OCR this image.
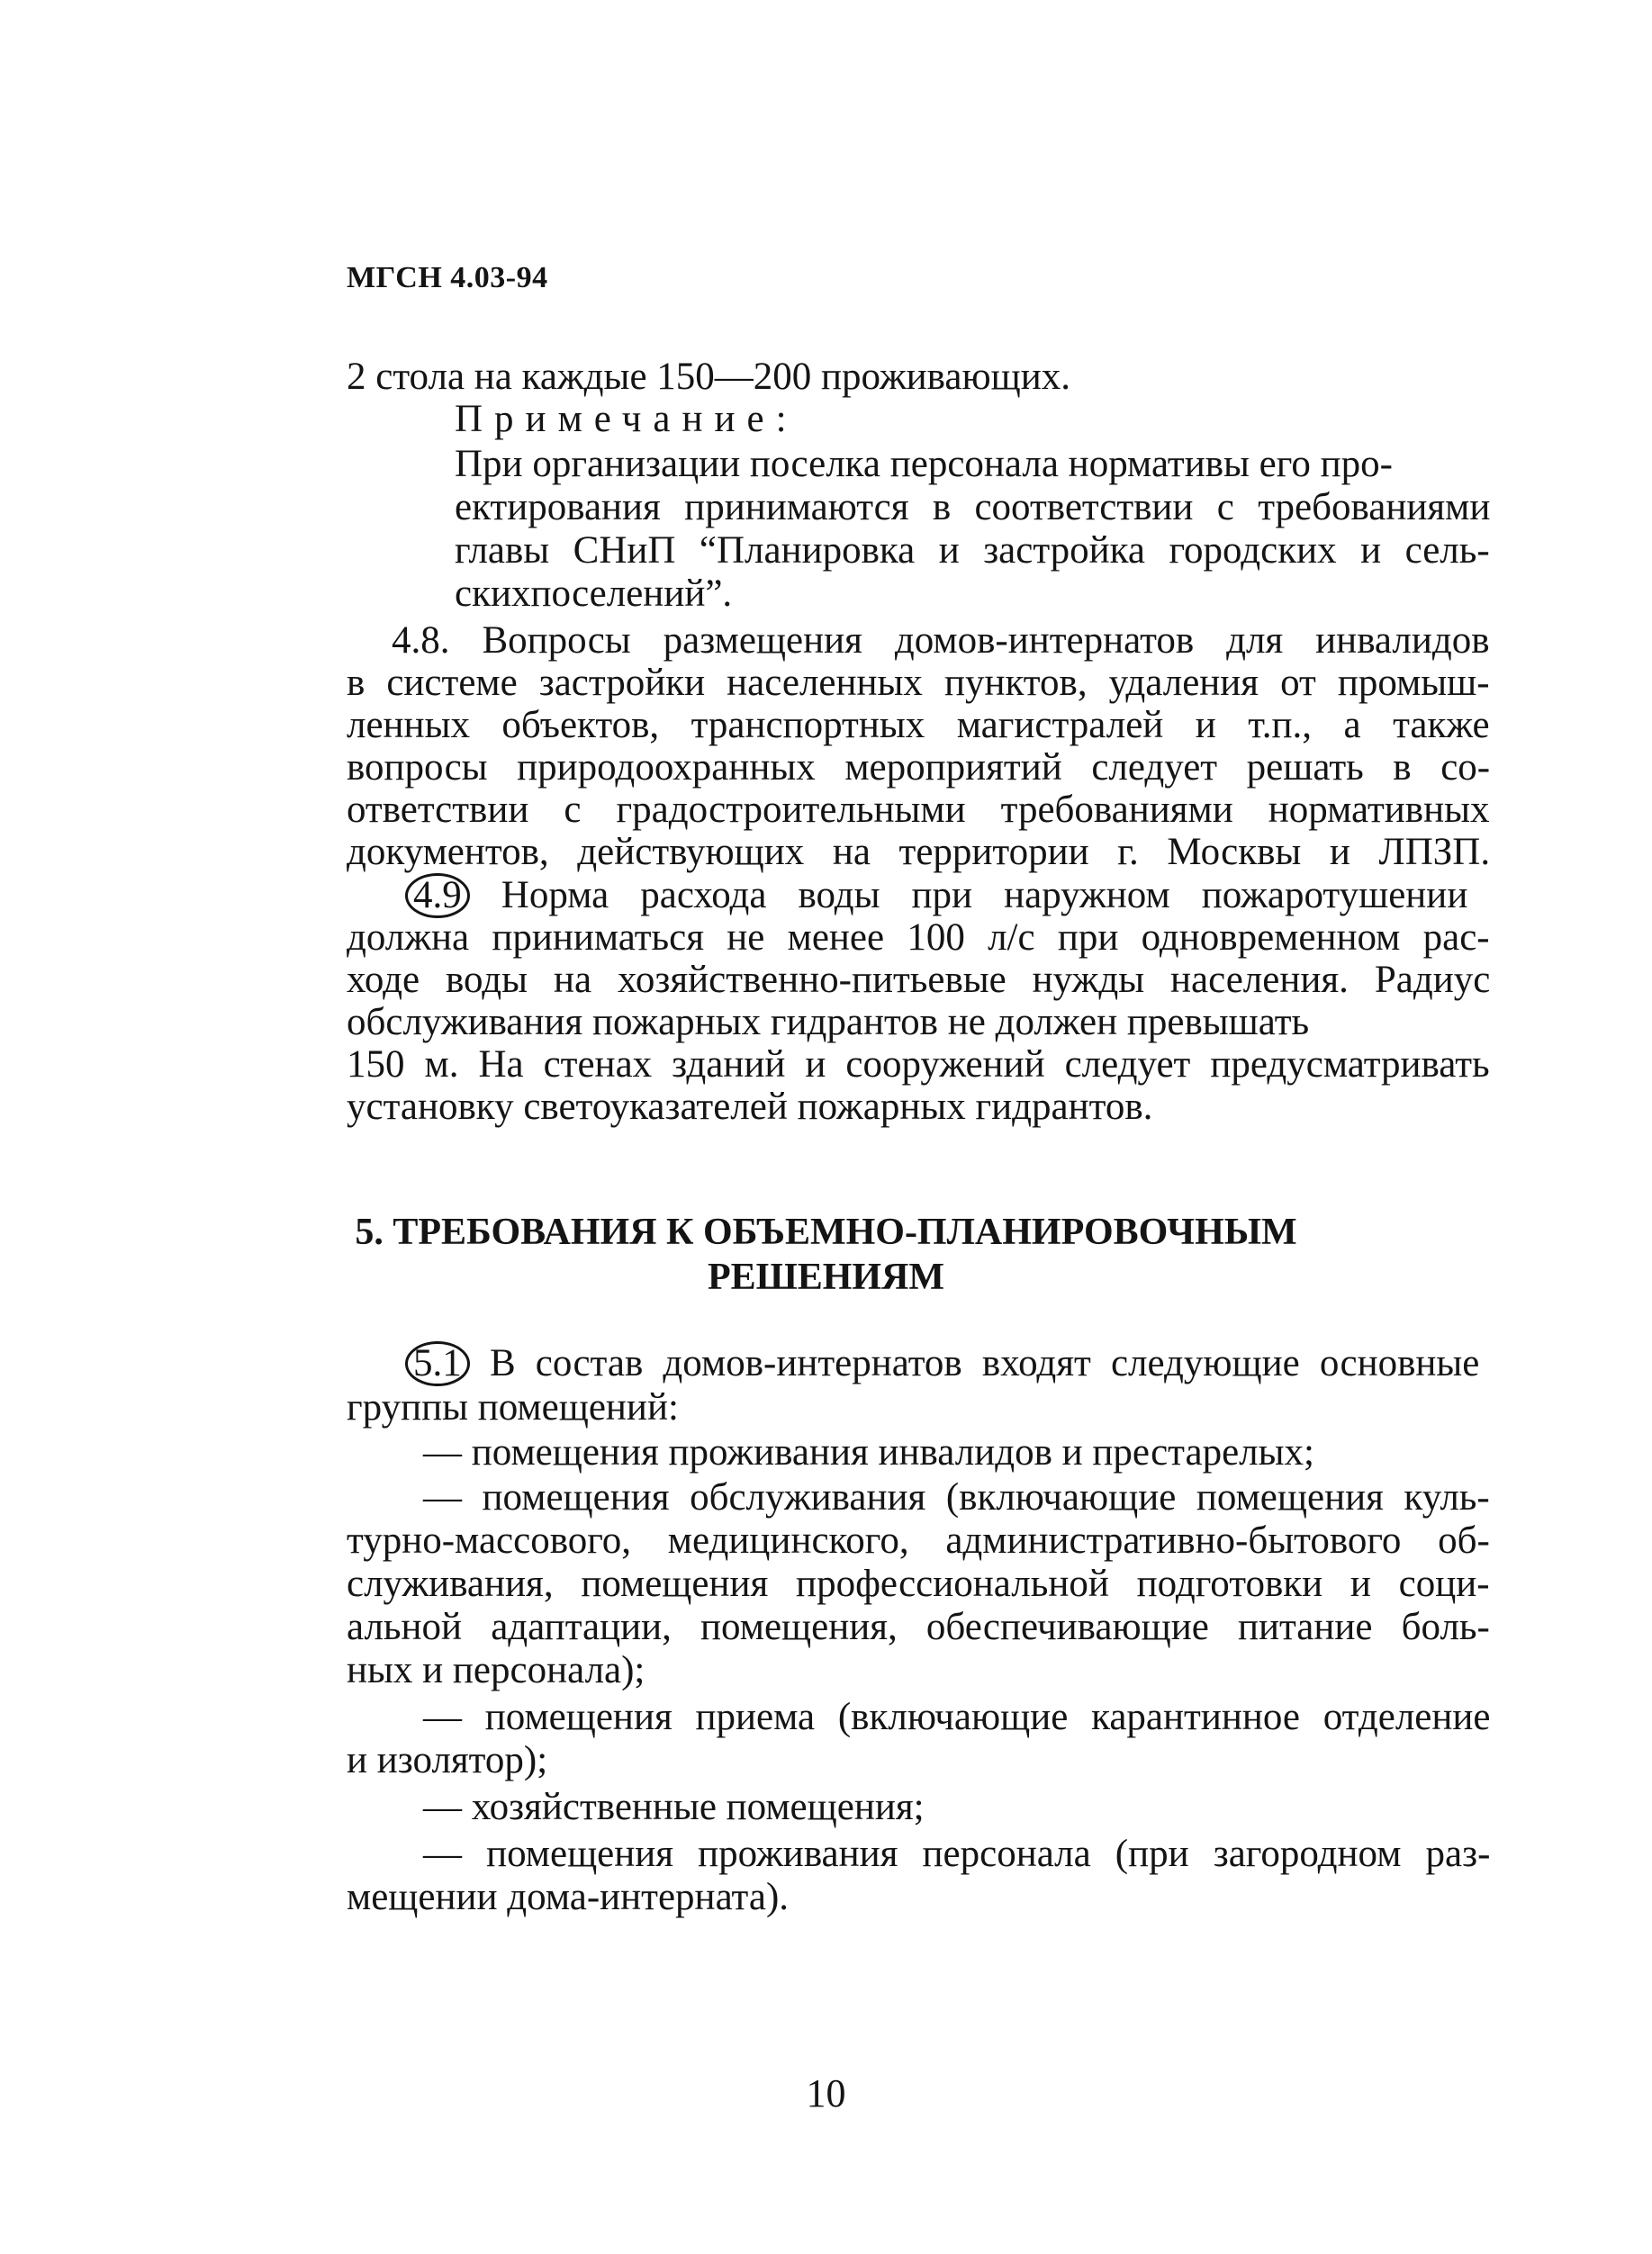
МГСН 4.03-94
2 стола на каждые 150—200 проживающих.
Примечание:
При организации поселка персонала нормативы его про-
ектирования принимаются в соответствии с требованиями
главы СНиП “Планировка и застройка городских и сель-
скихпоселений”.
4.8. Вопросы размещения домов-интернатов для инвалидов
в системе застройки населенных пунктов, удаления от промыш-
ленных объектов, транспортных магистралей и т.п., а также
вопросы природоохранных мероприятий следует решать в со-
ответствии с градостроительными требованиями нормативных
документов, действующих на территории г. Москвы и ЛПЗП.
4.9 Норма расхода воды при наружном пожаротушении
должна приниматься не менее 100 л/с при одновременном рас-
ходе воды на хозяйственно-питьевые нужды населения. Радиус
обслуживания пожарных гидрантов не должен превышать
150 м. На стенах зданий и сооружений следует предусматривать
установку светоуказателей пожарных гидрантов.
5. ТРЕБОВАНИЯ К ОБЪЕМНО-ПЛАНИРОВОЧНЫМ
РЕШЕНИЯМ
5.1 В состав домов-интернатов входят следующие основные
группы помещений:
— помещения проживания инвалидов и престарелых;
— помещения обслуживания (включающие помещения куль-
турно-массового, медицинского, административно-бытового об-
служивания, помещения профессиональной подготовки и соци-
альной адаптации, помещения, обеспечивающие питание боль-
ных и персонала);
— помещения приема (включающие карантинное отделение
и изолятор);
— хозяйственные помещения;
— помещения проживания персонала (при загородном раз-
мещении дома-интерната).
10
